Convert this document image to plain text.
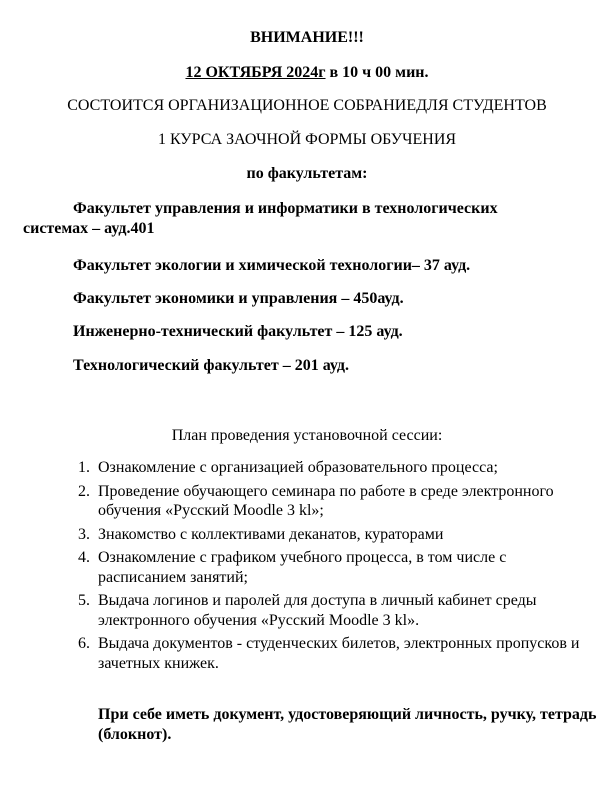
ВНИМАНИЕ!!!
12 ОКТЯБРЯ 2024г в 10 ч 00 мин.
СОСТОИТСЯ ОРГАНИЗАЦИОННОЕ СОБРАНИЕДЛЯ СТУДЕНТОВ
1 КУРСА ЗАОЧНОЙ ФОРМЫ ОБУЧЕНИЯ
по факультетам:
Факультет управления и информатики в технологических системах – ауд.401
Факультет экологии и химической технологии– 37 ауд.
Факультет экономики и управления – 450ауд.
Инженерно-технический факультет – 125 ауд.
Технологический факультет – 201 ауд.
План проведения установочной сессии:
1. Ознакомление с организацией образовательного процесса;
2. Проведение обучающего семинара по работе в среде электронного обучения «Русский Moodle 3 kl»;
3. Знакомство с коллективами деканатов, кураторами
4. Ознакомление с графиком учебного процесса, в том числе с расписанием занятий;
5. Выдача логинов и паролей для доступа в личный кабинет среды электронного обучения «Русский Moodle 3 kl».
6. Выдача документов - студенческих билетов, электронных пропусков и зачетных книжек.
При себе иметь документ, удостоверяющий личность, ручку, тетрадь (блокнот).
